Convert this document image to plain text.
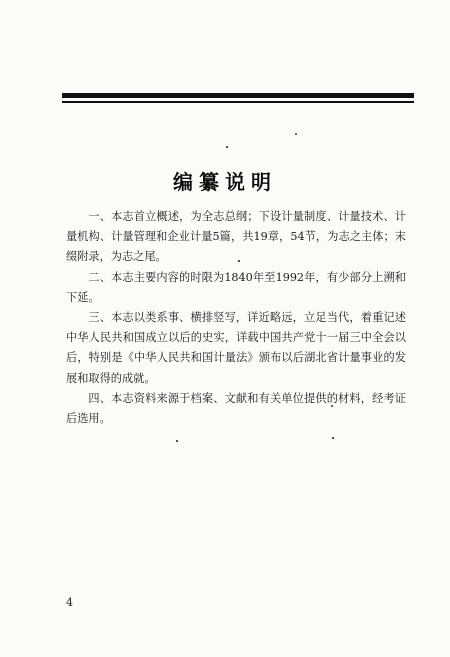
编纂说明

一、本志首立概述，为全志总纲；下设计量制度、计量技术、计量机构、计量管理和企业计量5篇，共19章，54节，为志之主体；末缀附录，为志之尾。

二、本志主要内容的时限为1840年至1992年，有少部分上溯和下延。

三、本志以类系事、横排竖写，详近略远，立足当代，着重记述中华人民共和国成立以后的史实，详载中国共产党十一届三中全会以后，特别是《中华人民共和国计量法》颁布以后湖北省计量事业的发展和取得的成就。

四、本志资料来源于档案、文献和有关单位提供的材料，经考证后选用。

4
